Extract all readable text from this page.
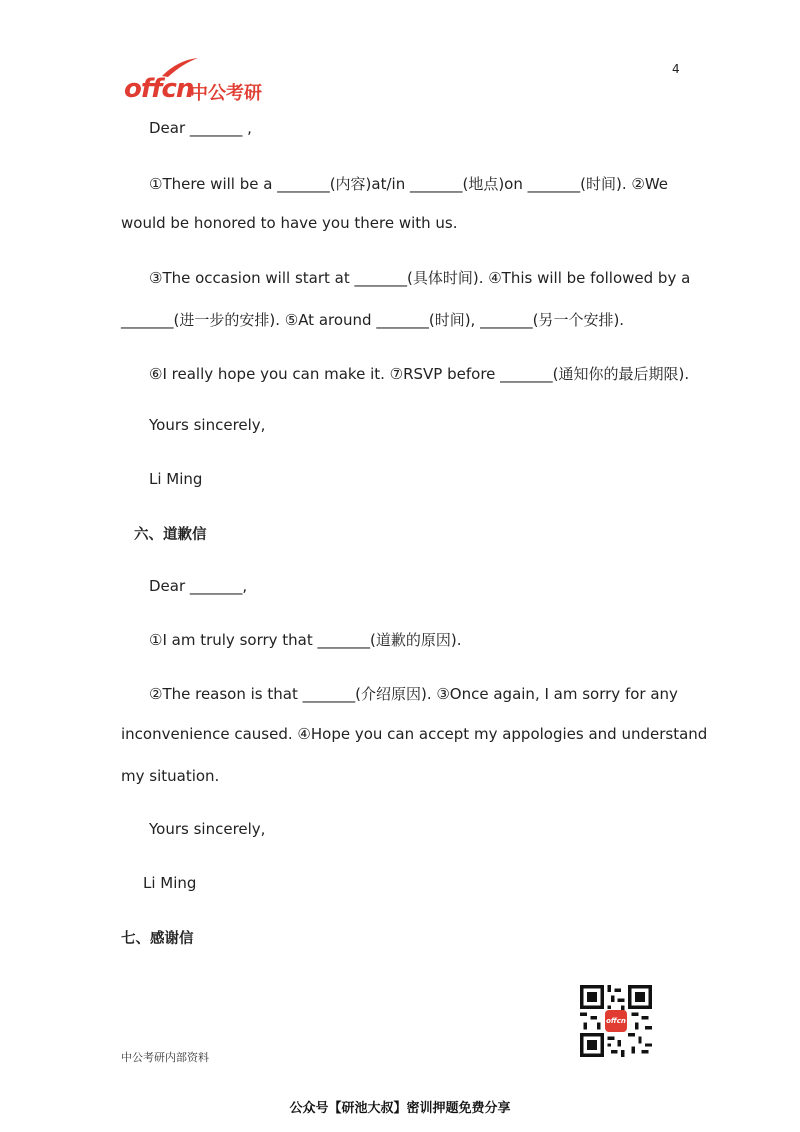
4
offcn
中公考研
Dear _______ ,
①There will be a _______(内容)at/in _______(地点)on _______(时间). ②We
would be honored to have you there with us.
③The occasion will start at _______(具体时间). ④This will be followed by a
_______(进一步的安排). ⑤At around _______(时间), _______(另一个安排).
⑥I really hope you can make it. ⑦RSVP before _______(通知你的最后期限).
Yours sincerely,
Li Ming
六、道歉信
Dear _______,
①I am truly sorry that _______(道歉的原因).
②The reason is that _______(介绍原因). ③Once again, I am sorry for any
inconvenience caused. ④Hope you can accept my appologies and understand
my situation.
Yours sincerely,
Li Ming
七、感谢信
offcn
中公考研内部资料
公众号【研池大叔】密训押题免费分享
